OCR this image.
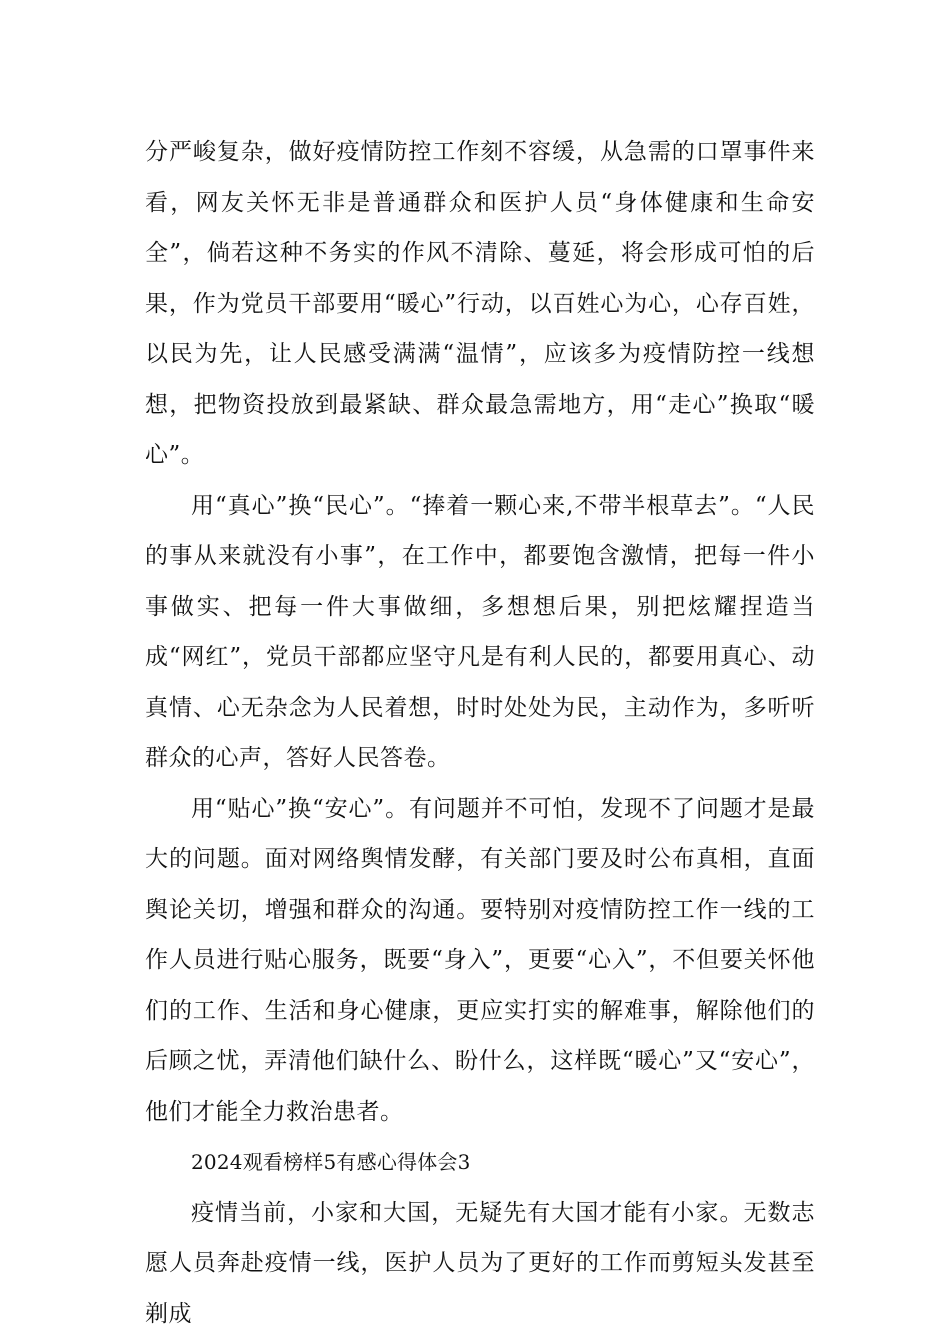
分严峻复杂，做好疫情防控工作刻不容缓，从急需的口罩事件来看，网友关怀无非是普通群众和医护人员“身体健康和生命安全”，倘若这种不务实的作风不清除、蔓延，将会形成可怕的后果，作为党员干部要用“暖心”行动，以百姓心为心，心存百姓，以民为先，让人民感受满满“温情”，应该多为疫情防控一线想想，把物资投放到最紧缺、群众最急需地方，用“走心”换取“暖心”。

用“真心”换“民心”。“捧着一颗心来,不带半根草去”。“人民的事从来就没有小事”，在工作中，都要饱含激情，把每一件小事做实、把每一件大事做细，多想想后果，别把炫耀捏造当成“网红”，党员干部都应坚守凡是有利人民的，都要用真心、动真情、心无杂念为人民着想，时时处处为民，主动作为，多听听群众的心声，答好人民答卷。

用“贴心”换“安心”。有问题并不可怕，发现不了问题才是最大的问题。面对网络舆情发酵，有关部门要及时公布真相，直面舆论关切，增强和群众的沟通。要特别对疫情防控工作一线的工作人员进行贴心服务，既要“身入”，更要“心入”，不但要关怀他们的工作、生活和身心健康，更应实打实的解难事，解除他们的后顾之忧，弄清他们缺什么、盼什么，这样既“暖心”又“安心”，他们才能全力救治患者。

2024观看榜样5有感心得体会3

疫情当前，小家和大国，无疑先有大国才能有小家。无数志愿人员奔赴疫情一线，医护人员为了更好的工作而剪短头发甚至剃成
